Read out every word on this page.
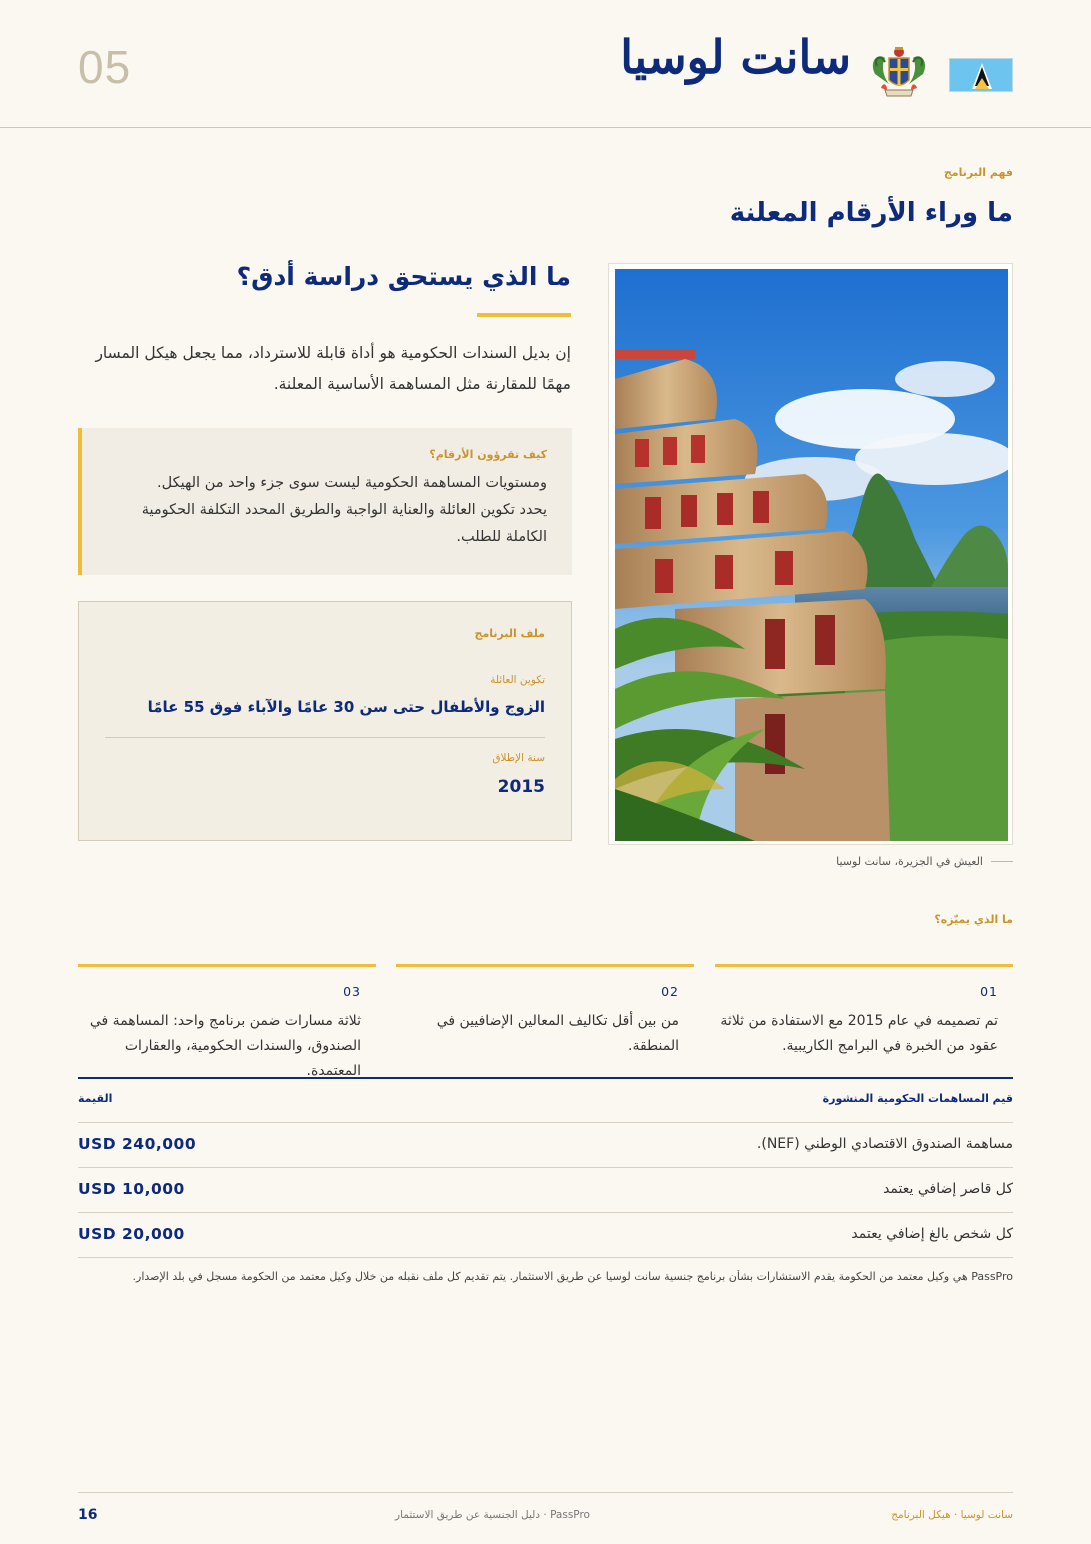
05	سانت لوسيا
فهم البرنامج
ما وراء الأرقام المعلنة
ما الذي يستحق دراسة أدق؟
إن بديل السندات الحكومية هو أداة قابلة للاسترداد، مما يجعل هيكل المسار مهمًا للمقارنة مثل المساهمة الأساسية المعلنة.
كيف تقرؤون الأرقام؟
ومستويات المساهمة الحكومية ليست سوى جزء واحد من الهيكل. يحدد تكوين العائلة والعناية الواجبة والطريق المحدد التكلفة الحكومية الكاملة للطلب.
ملف البرنامج
تكوين العائلة
الزوج والأطفال حتى سن 30 عامًا والآباء فوق 55 عامًا
سنة الإطلاق
2015
العيش في الجزيرة، سانت لوسيا
ما الذي يميّزه؟
01
تم تصميمه في عام 2015 مع الاستفادة من ثلاثة عقود من الخبرة في البرامج الكاريبية.
02
من بين أقل تكاليف المعالين الإضافيين في المنطقة.
03
ثلاثة مسارات ضمن برنامج واحد: المساهمة في الصندوق، والسندات الحكومية، والعقارات المعتمدة.
قيم المساهمات الحكومية المنشورة
القيمة
مساهمة الصندوق الاقتصادي الوطني (NEF).
USD 240,000
كل قاصر إضافي يعتمد
USD 10,000
كل شخص بالغ إضافي يعتمد
USD 20,000
PassPro هي وكيل معتمد من الحكومة يقدم الاستشارات بشأن برنامج جنسية سانت لوسيا عن طريق الاستثمار. يتم تقديم كل ملف نقبله من خلال وكيل معتمد من الحكومة مسجل في بلد الإصدار.
سانت لوسيا · هيكل البرنامج
PassPro · دليل الجنسية عن طريق الاستثمار
16
